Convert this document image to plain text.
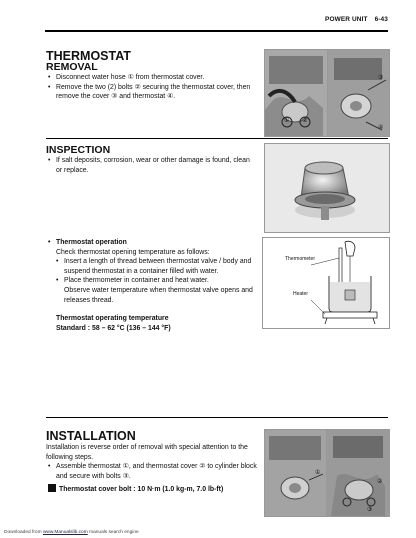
POWER UNIT 6-43
THERMOSTAT
REMOVAL

• Disconnect water hose ① from thermostat cover.

• Remove the two (2) bolts ② securing the thermostat cover, then remove the cover ③ and thermostat ④.

① ②
③
④
INSPECTION

• If salt deposits, corrosion, wear or other damage is found, clean or replace.

• Thermostat operation

Check thermostat opening temperature as follows:

• Insert a length of thread between thermostat valve / body and suspend thermostat in a container filled with water.

• Place thermometer in container and heat water.

Observe water temperature when thermostat valve opens and releases thread.

Thermostat operating temperature

Standard : 58 – 62 °C (136 – 144 °F)

Thermometer
Heater
INSTALLATION

Installation is reverse order of removal with special attention to the following steps.

• Assemble thermostat ①, and thermostat cover ② to cylinder block and secure with bolts ③.

Thermostat cover bolt : 10 N·m (1.0 kg-m, 7.0 lb-ft)
①
②
③
Downloaded from www.Manualslib.com manuals search engine
